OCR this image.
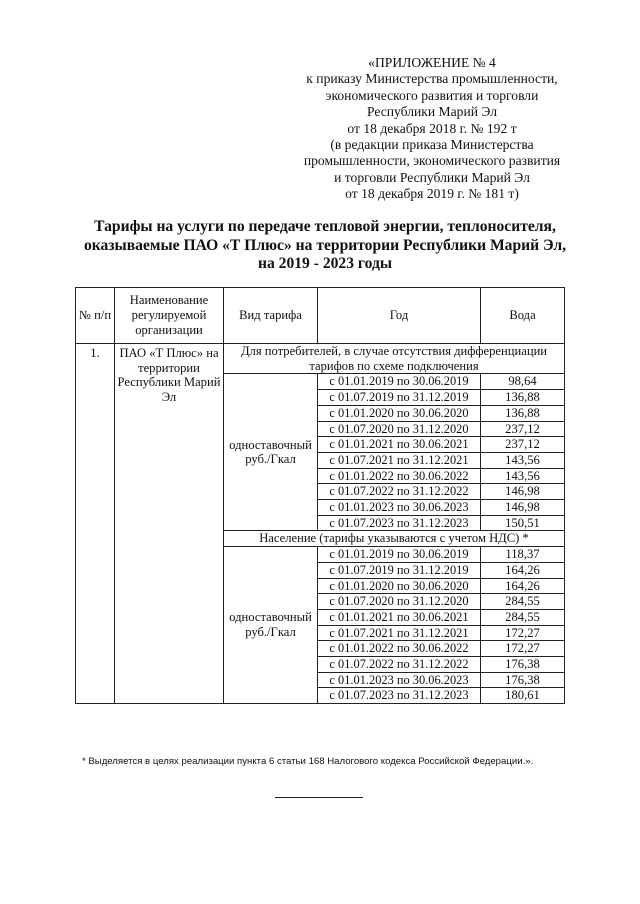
«ПРИЛОЖЕНИЕ № 4
к приказу Министерства промышленности,
экономического развития и торговли
Республики Марий Эл
от 18 декабря 2018 г. № 192 т
(в редакции приказа Министерства
промышленности, экономического развития
и торговли Республики Марий Эл
от 18 декабря 2019 г. № 181 т)
Тарифы на услуги по передаче тепловой энергии, теплоносителя,
оказываемые ПАО «Т Плюс» на территории Республики Марий Эл,
на 2019 - 2023 годы
№ п/п	Наименование регулируемой организации	Вид тарифа	Год	Вода
1.	ПАО «Т Плюс» на территории Республики Марий Эл	Для потребителей, в случае отсутствия дифференциации тарифов по схеме подключения		
		одноставочный руб./Гкал	с 01.01.2019 по 30.06.2019	98,64
			с 01.07.2019 по 31.12.2019	136,88
			с 01.01.2020 по 30.06.2020	136,88
			с 01.07.2020 по 31.12.2020	237,12
			с 01.01.2021 по 30.06.2021	237,12
			с 01.07.2021 по 31.12.2021	143,56
			с 01.01.2022 по 30.06.2022	143,56
			с 01.07.2022 по 31.12.2022	146,98
			с 01.01.2023 по 30.06.2023	146,98
			с 01.07.2023 по 31.12.2023	150,51
		Население (тарифы указываются с учетом НДС) *		
		одноставочный руб./Гкал	с 01.01.2019 по 30.06.2019	118,37
			с 01.07.2019 по 31.12.2019	164,26
			с 01.01.2020 по 30.06.2020	164,26
			с 01.07.2020 по 31.12.2020	284,55
			с 01.01.2021 по 30.06.2021	284,55
			с 01.07.2021 по 31.12.2021	172,27
			с 01.01.2022 по 30.06.2022	172,27
			с 01.07.2022 по 31.12.2022	176,38
			с 01.01.2023 по 30.06.2023	176,38
			с 01.07.2023 по 31.12.2023	180,61
* Выделяется в целях реализации пункта 6 статьи 168 Налогового кодекса Российской Федерации.».
